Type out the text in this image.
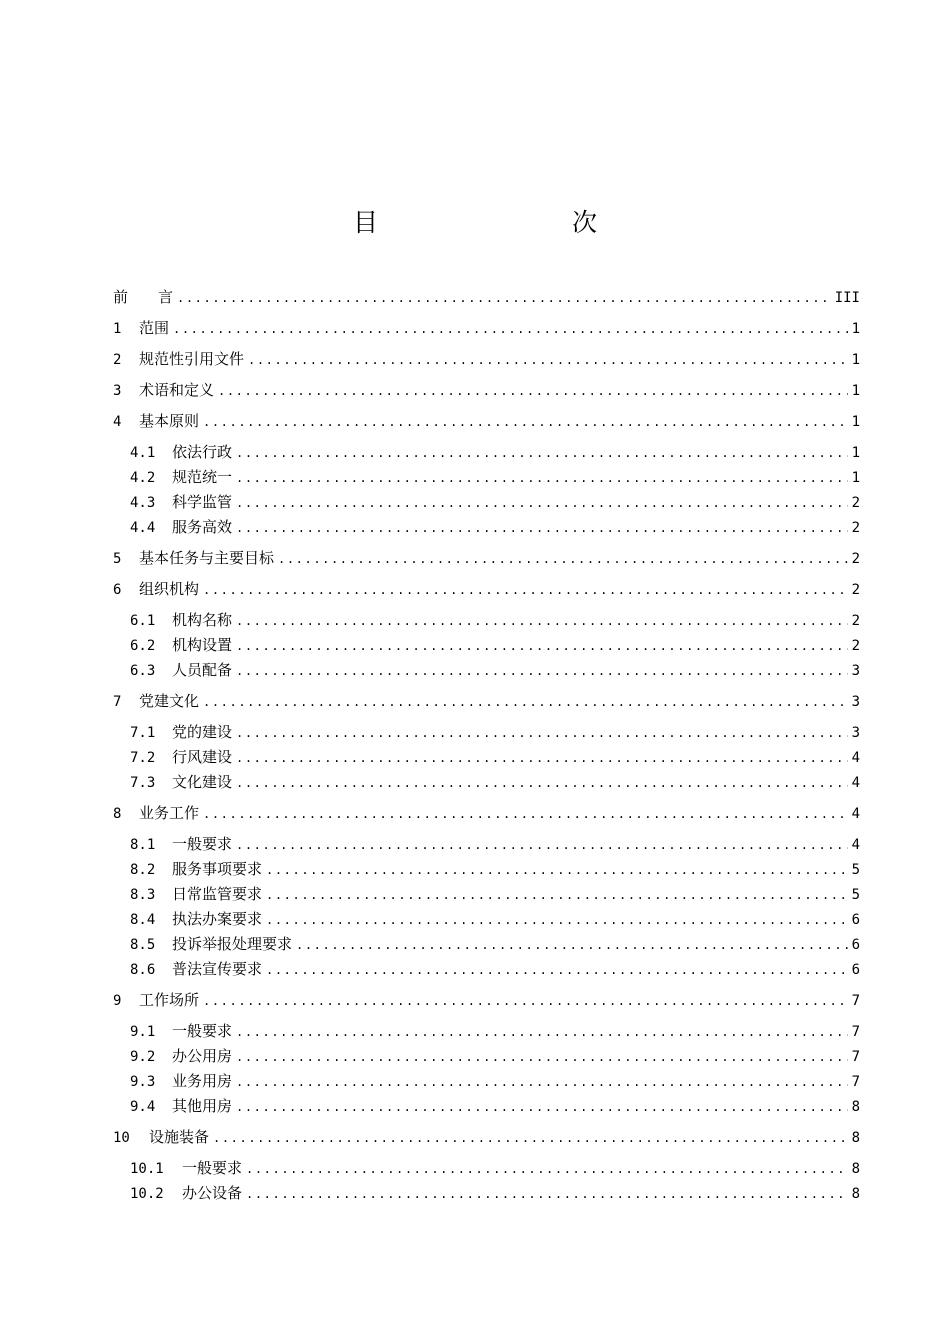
目　　次
前　　言 .....	III
1	范围 .....	1
2	规范性引用文件 .....	1
3	术语和定义 .....	1
4	基本原则 .....	1
4.1	依法行政 .....	1
4.2	规范统一 .....	1
4.3	科学监管 .....	2
4.4	服务高效 .....	2
5	基本任务与主要目标 .....	2
6	组织机构 .....	2
6.1	机构名称 .....	2
6.2	机构设置 .....	2
6.3	人员配备 .....	3
7	党建文化 .....	3
7.1	党的建设 .....	3
7.2	行风建设 .....	4
7.3	文化建设 .....	4
8	业务工作 .....	4
8.1	一般要求 .....	4
8.2	服务事项要求 .....	5
8.3	日常监管要求 .....	5
8.4	执法办案要求 .....	6
8.5	投诉举报处理要求 .....	6
8.6	普法宣传要求 .....	6
9	工作场所 .....	7
9.1	一般要求 .....	7
9.2	办公用房 .....	7
9.3	业务用房 .....	7
9.4	其他用房 .....	8
10	设施装备 .....	8
10.1	一般要求 .....	8
10.2	办公设备 .....	8
